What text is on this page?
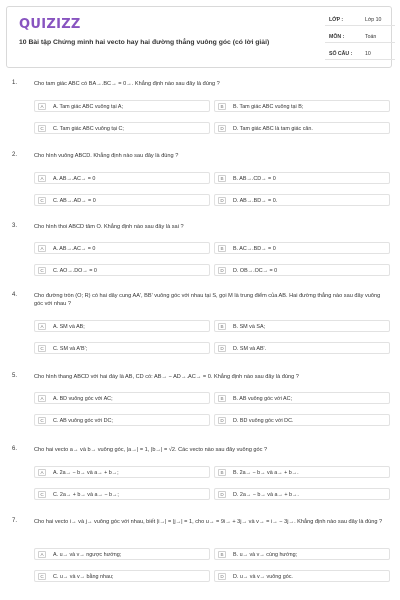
QUIZIZZ
10 Bài tập Chứng minh hai vecto hay hai đường thẳng vuông góc (có lời giải)
LỚP :	Lớp 10
MÔN :	Toán
SỐ CÂU :	10
1.	Cho tam giác ABC có BA→.BC→ = 0→. Khẳng định nào sau đây là đúng ?
A	A. Tam giác ABC vuông tại A;	B	B. Tam giác ABC vuông tại B;
C	C. Tam giác ABC vuông tại C;	D	D. Tam giác ABC là tam giác cân.
2.	Cho hình vuông ABCD. Khẳng định nào sau đây là đúng ?
A	A. AB→.AC→ = 0	B	B. AB→.CD→ = 0
C	C. AB→.AD→ = 0	D	D. AB→.BD→ = 0.
3.	Cho hình thoi ABCD tâm O. Khẳng định nào sau đây là sai ?
A	A. AB→.AC→ = 0	B	B. AC→.BD→ = 0
C	C. AO→.DO→ = 0	D	D. OB→.OC→ = 0
4.	Cho đường tròn (O; R) có hai dây cung AA', BB' vuông góc với nhau tại S, gọi M là trung điểm của AB. Hai đường thẳng nào sau đây vuông góc với nhau ?
A	A. SM và AB;	B	B. SM và SA;
C	C. SM và A'B';	D	D. SM và AB'.
5.	Cho hình thang ABCD với hai đáy là AB, CD có: AB→ − AD→.AC→ = 0. Khẳng định nào sau đây là đúng ?
A	A. BD vuông góc với AC;	B	B. AB vuông góc với AC;
C	C. AB vuông góc với DC;	D	D. BD vuông góc với DC.
6.	Cho hai vecto a→ và b→ vuông góc, |a→| = 1, |b→| = √2. Các vecto nào sau đây vuông góc ?
A	A. 2a→ − b→ và a→ + b→;	B	B. 2a→ − b→ và a→ + b→.
C	C. 2a→ + b→ và a→ − b→;	D	D. 2a→ − b→ và a→ + b→.
7.	Cho hai vecto i→ và j→ vuông góc với nhau, biết |i→| = |j→| = 1, cho u→ = 9i→ + 3j→ và v→ = i→ − 3j→. Khẳng định nào sau đây là đúng ?
A	A. u→ và v→ ngược hướng;	B	B. u→ và v→ cùng hướng;
C	C. u→ và v→ bằng nhau;	D	D. u→ và v→ vuông góc.
